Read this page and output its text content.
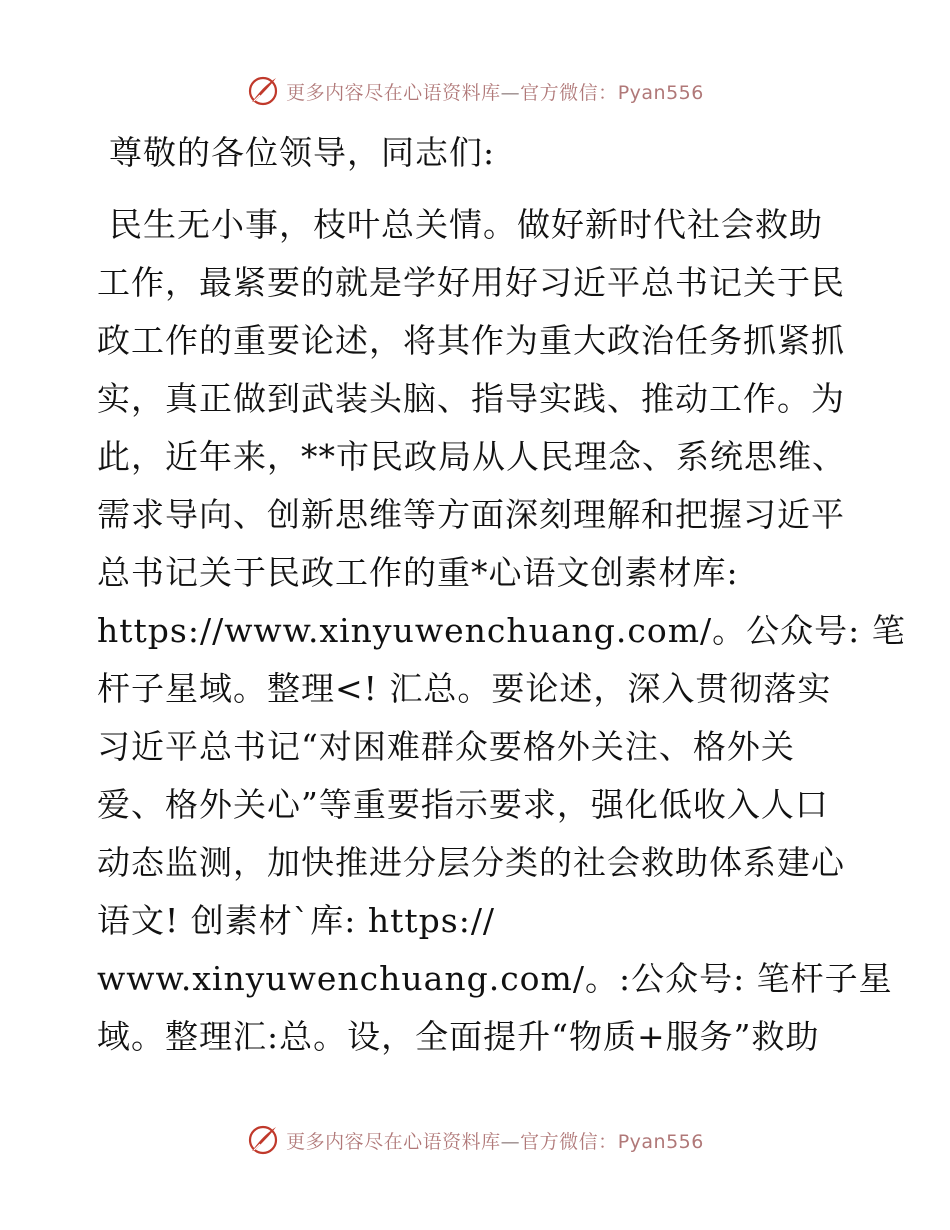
更多内容尽在心语资料库—官方微信：Pyan556
尊敬的各位领导，同志们:
民生无小事，枝叶总关情。做好新时代社会救助
工作，最紧要的就是学好用好习近平总书记关于民
政工作的重要论述，将其作为重大政治任务抓紧抓
实，真正做到武装头脑、指导实践、推动工作。为
此，近年来，**市民政局从人民理念、系统思维、
需求导向、创新思维等方面深刻理解和把握习近平
总书记关于民政工作的重*心语文创素材库:
https://www.xinyuwenchuang.com/。公众号: 笔
杆子星域。整理<! 汇总。要论述，深入贯彻落实
习近平总书记“对困难群众要格外关注、格外关
爱、格外关心”等重要指示要求，强化低收入人口
动态监测，加快推进分层分类的社会救助体系建心
语文! 创素材`库: https://
www.xinyuwenchuang.com/。:公众号: 笔杆子星
域。整理汇:总。设，全面提升“物质+服务”救助
更多内容尽在心语资料库—官方微信：Pyan556
